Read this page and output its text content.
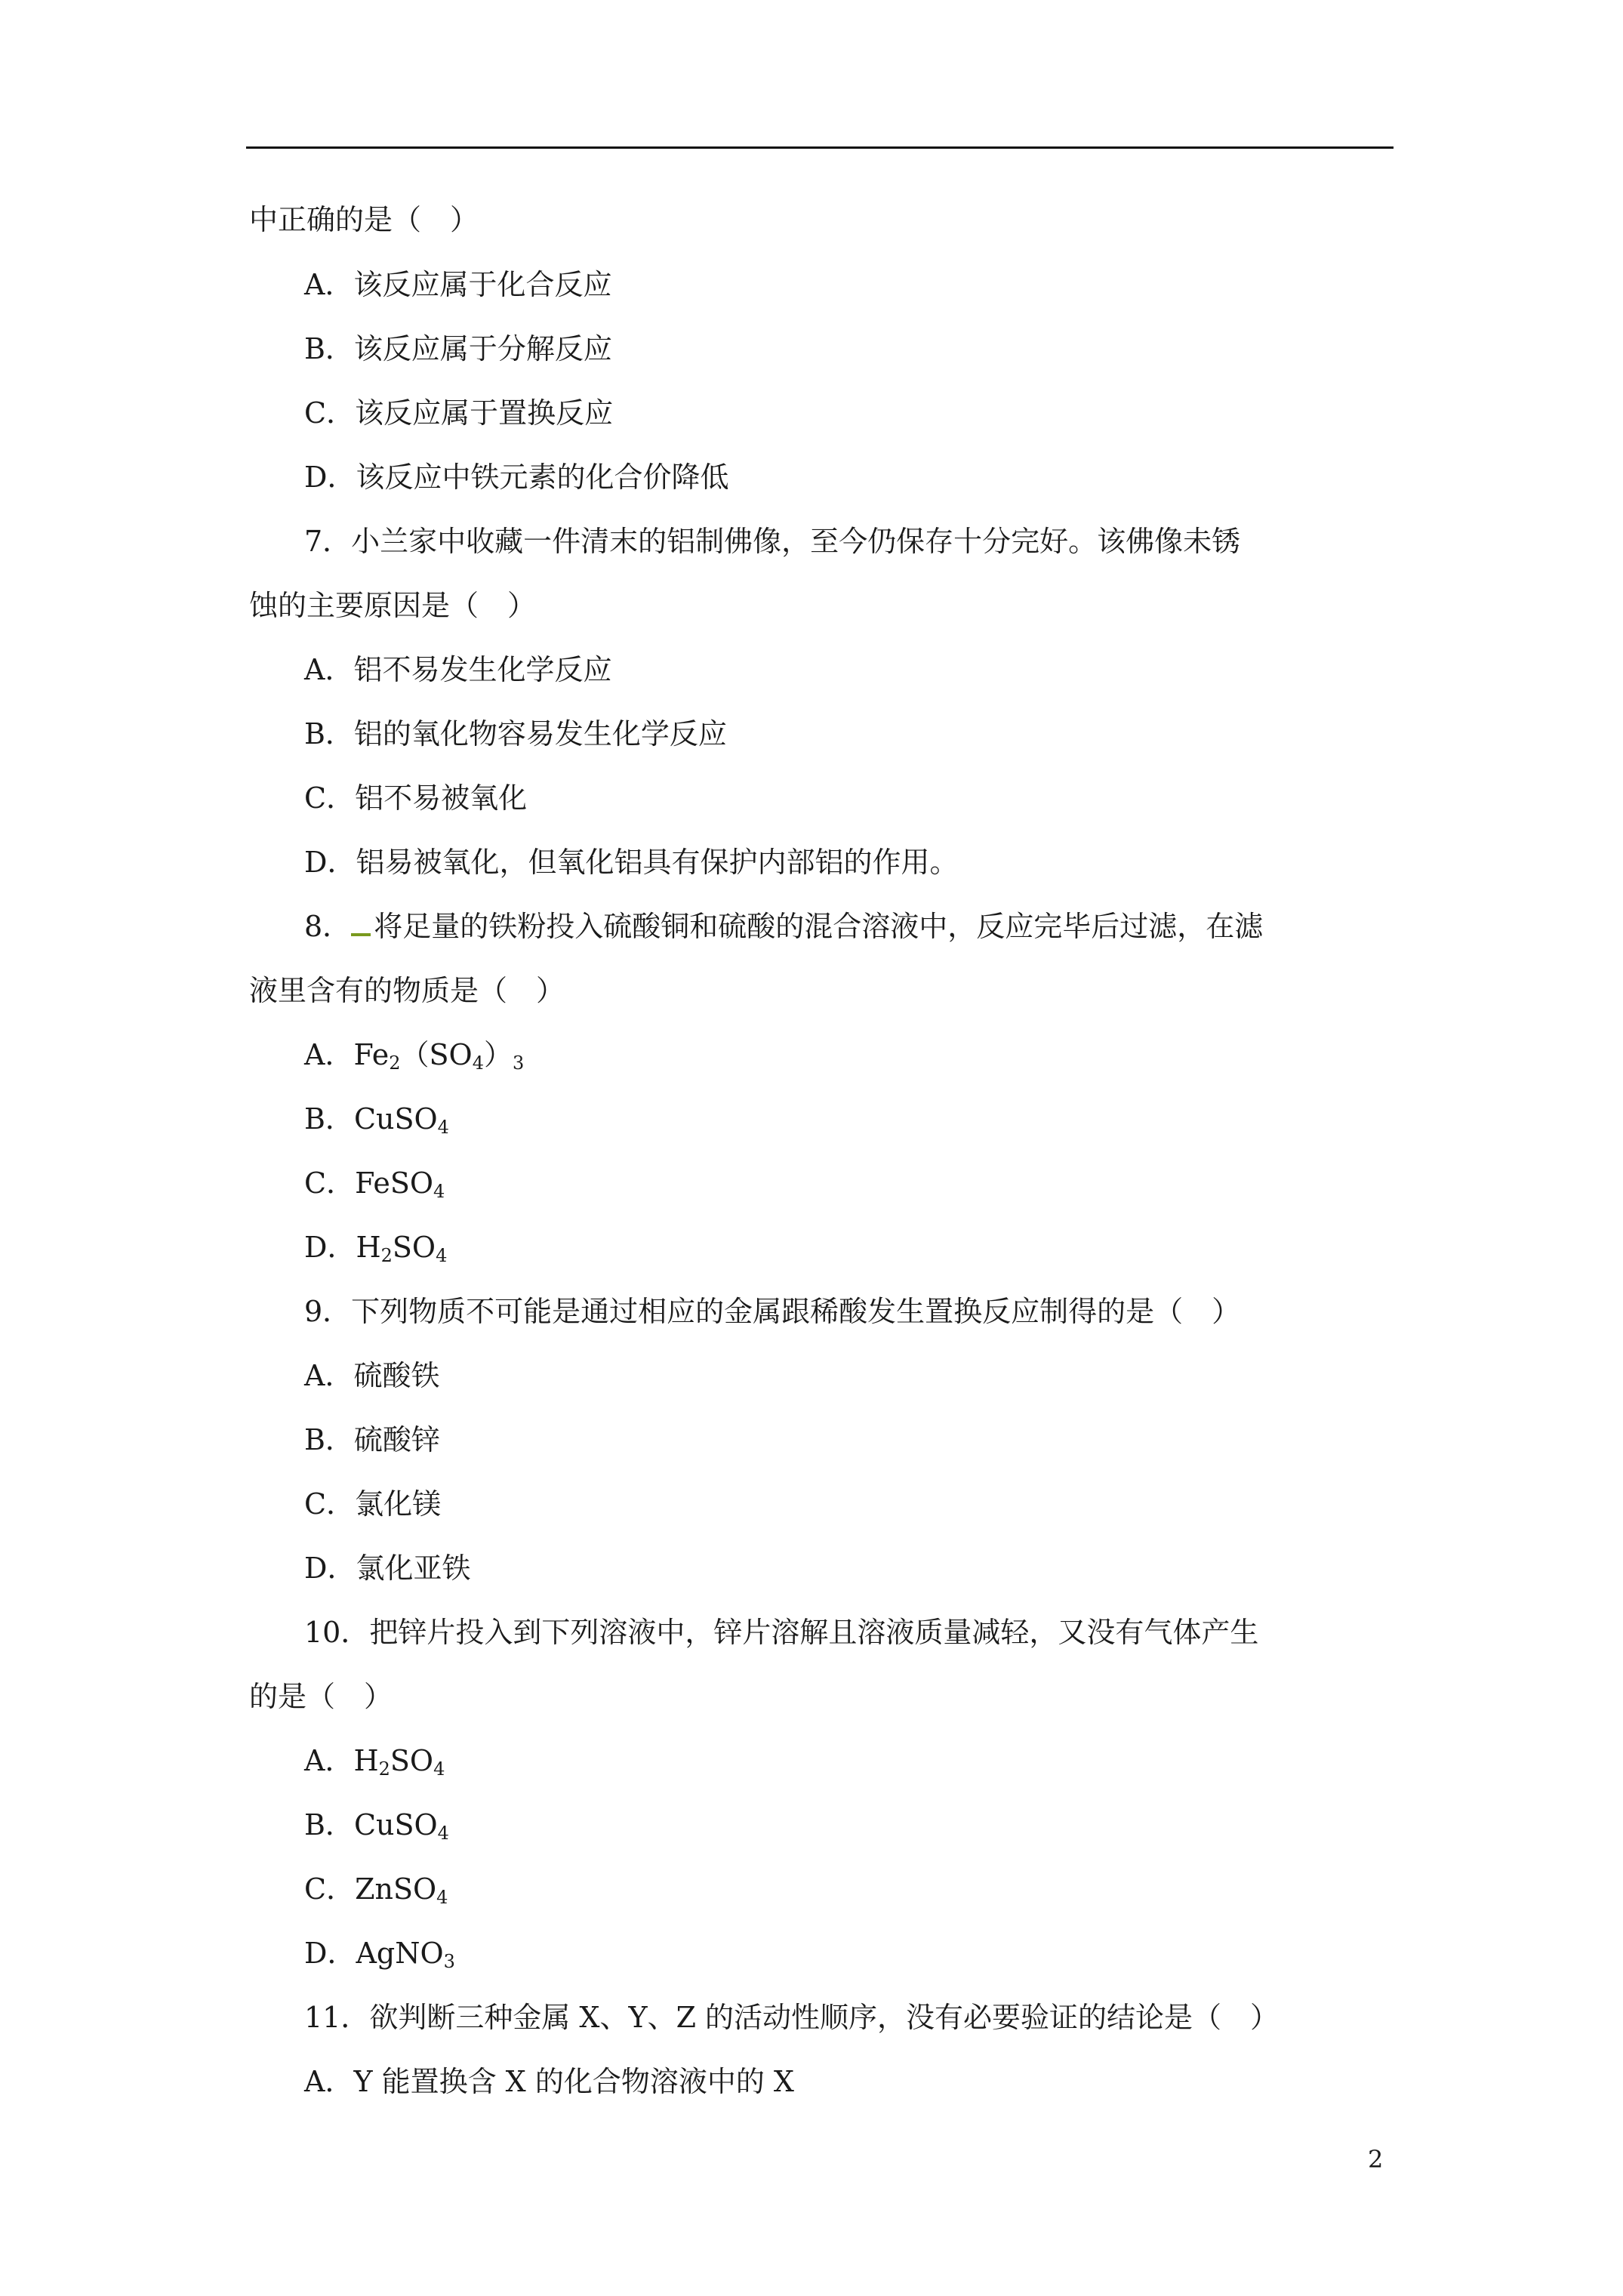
中正确的是（　）
A．该反应属于化合反应
B．该反应属于分解反应
C．该反应属于置换反应
D．该反应中铁元素的化合价降低
7．小兰家中收藏一件清末的铝制佛像，至今仍保存十分完好。该佛像未锈
蚀的主要原因是（　）
A．铝不易发生化学反应
B．铝的氧化物容易发生化学反应
C．铝不易被氧化
D．铝易被氧化，但氧化铝具有保护内部铝的作用。
8． 将足量的铁粉投入硫酸铜和硫酸的混合溶液中，反应完毕后过滤，在滤
液里含有的物质是（　）
A．$Fe_2(SO_4)_3$
B．CuSO$_4$
C．FeSO$_4$
D．$H_2SO_4$
9．下列物质不可能是通过相应的金属跟稀酸发生置换反应制得的是（　）
A．硫酸铁
B．硫酸锌
C．氯化镁
D．氯化亚铁
10．把锌片投入到下列溶液中，锌片溶解且溶液质量减轻，又没有气体产生
的是（　）
A．$H_2SO_4$
B．CuSO$_4$
C．ZnSO$_4$
D．AgNO$_3$
11．欲判断三种金属 X、Y、Z 的活动性顺序，没有必要验证的结论是（　）
A．Y 能置换含 X 的化合物溶液中的 X
2
